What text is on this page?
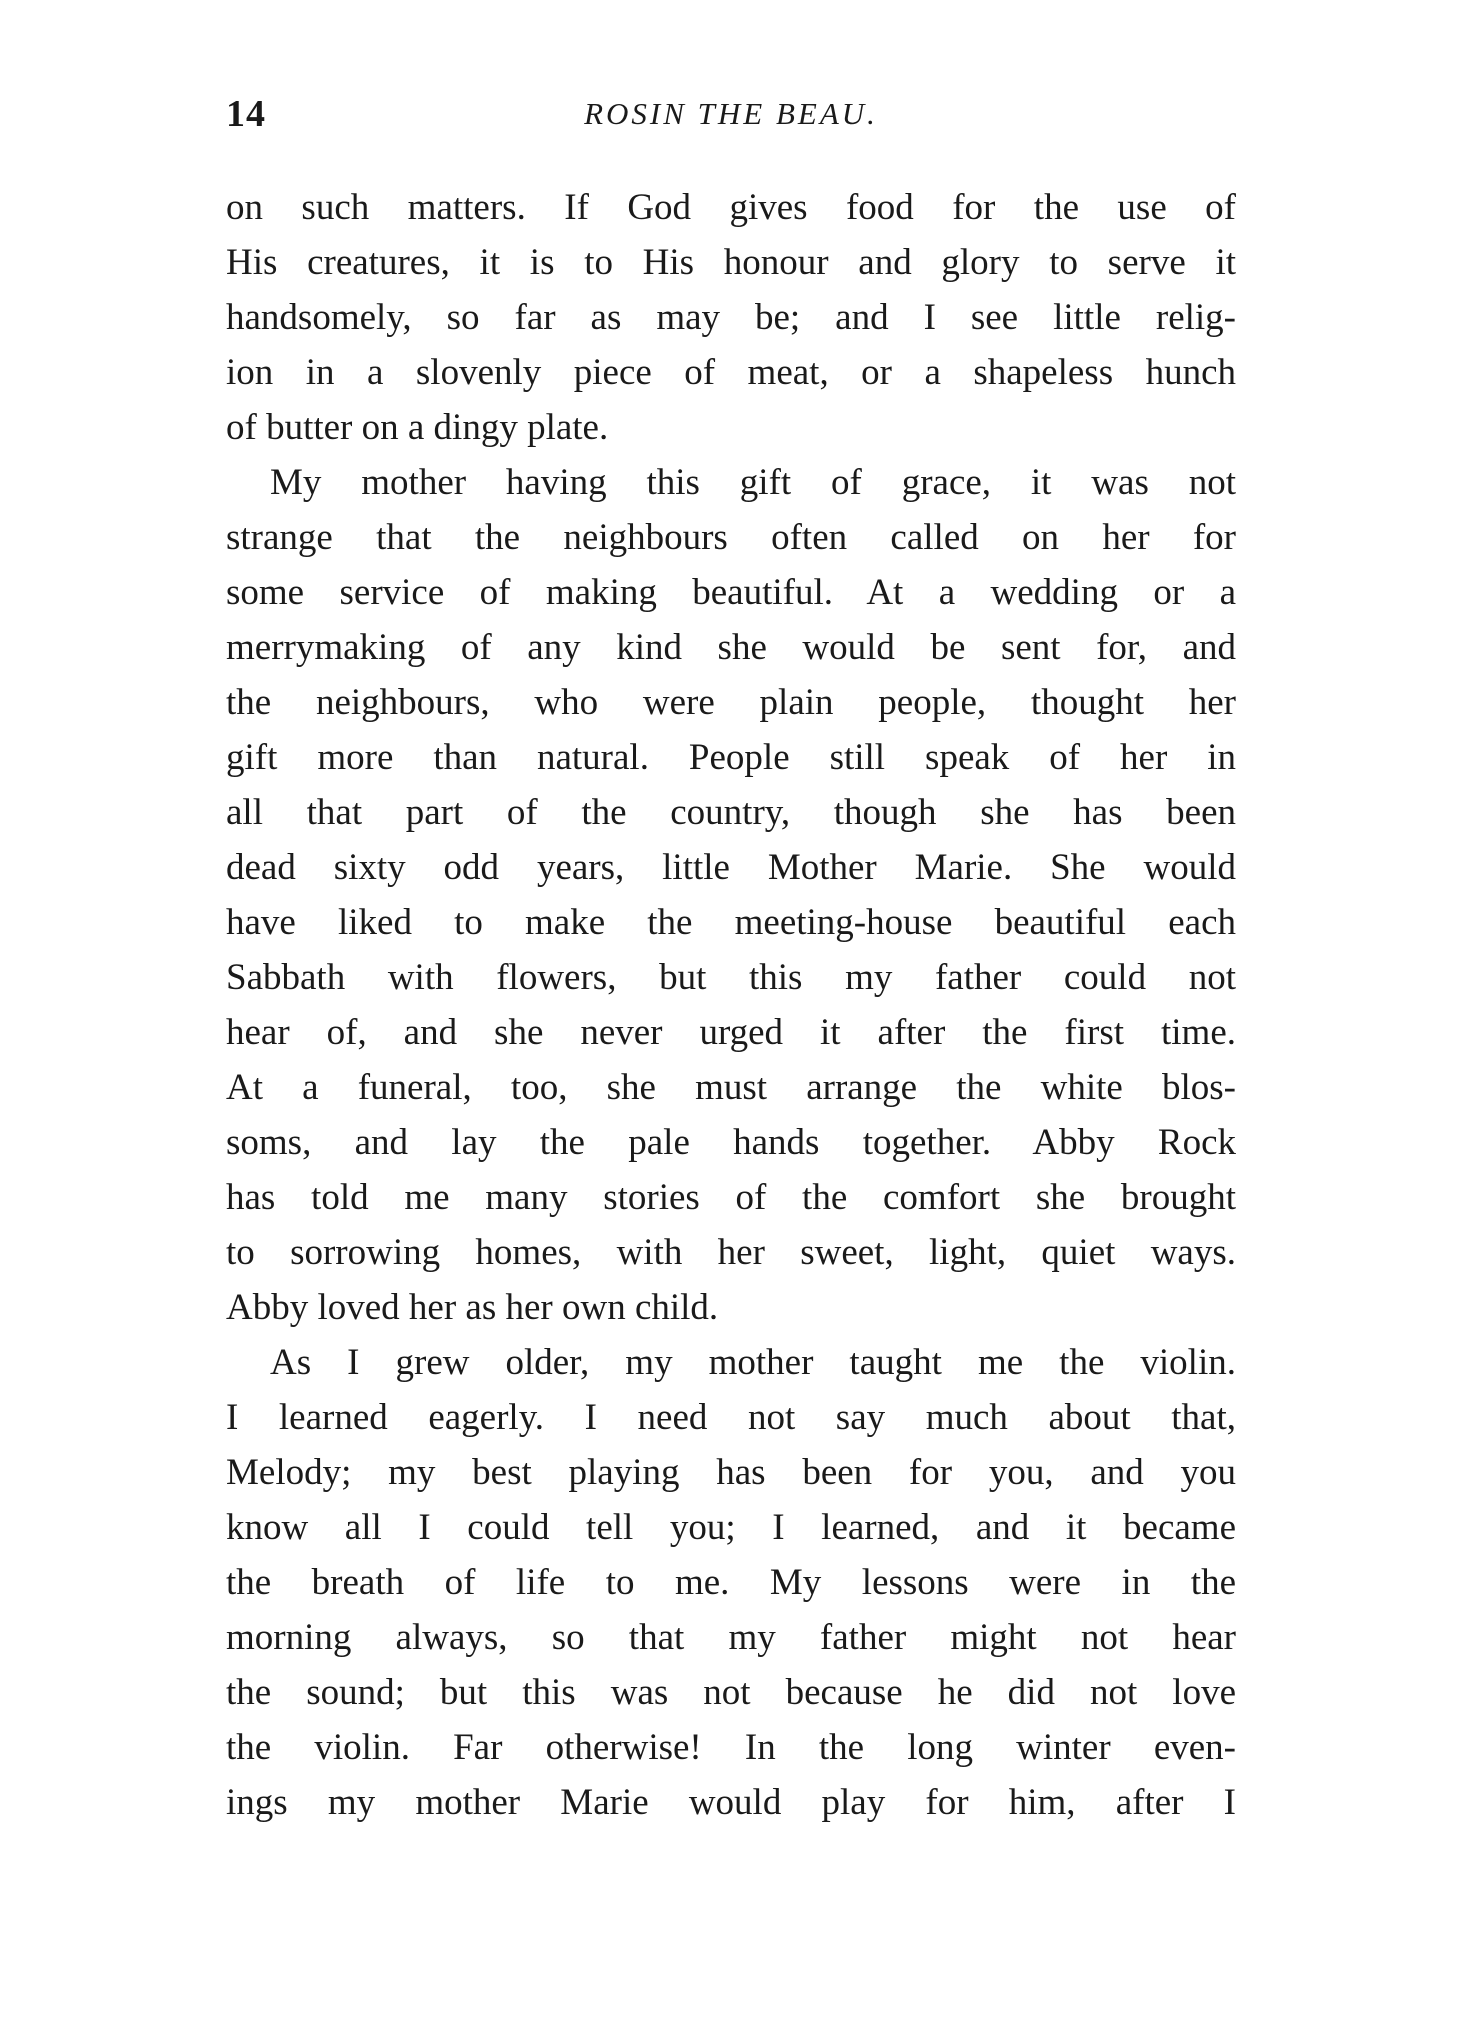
14	ROSIN THE BEAU.
on such matters. If God gives food for the use of
His creatures, it is to His honour and glory to serve it
handsomely, so far as may be; and I see little relig-
ion in a slovenly piece of meat, or a shapeless hunch
of butter on a dingy plate.
My mother having this gift of grace, it was not
strange that the neighbours often called on her for
some service of making beautiful. At a wedding or a
merrymaking of any kind she would be sent for, and
the neighbours, who were plain people, thought her
gift more than natural. People still speak of her in
all that part of the country, though she has been
dead sixty odd years, little Mother Marie. She would
have liked to make the meeting-house beautiful each
Sabbath with flowers, but this my father could not
hear of, and she never urged it after the first time.
At a funeral, too, she must arrange the white blos-
soms, and lay the pale hands together. Abby Rock
has told me many stories of the comfort she brought
to sorrowing homes, with her sweet, light, quiet ways.
Abby loved her as her own child.
As I grew older, my mother taught me the violin.
I learned eagerly. I need not say much about that,
Melody; my best playing has been for you, and you
know all I could tell you; I learned, and it became
the breath of life to me. My lessons were in the
morning always, so that my father might not hear
the sound; but this was not because he did not love
the violin. Far otherwise! In the long winter even-
ings my mother Marie would play for him, after I
